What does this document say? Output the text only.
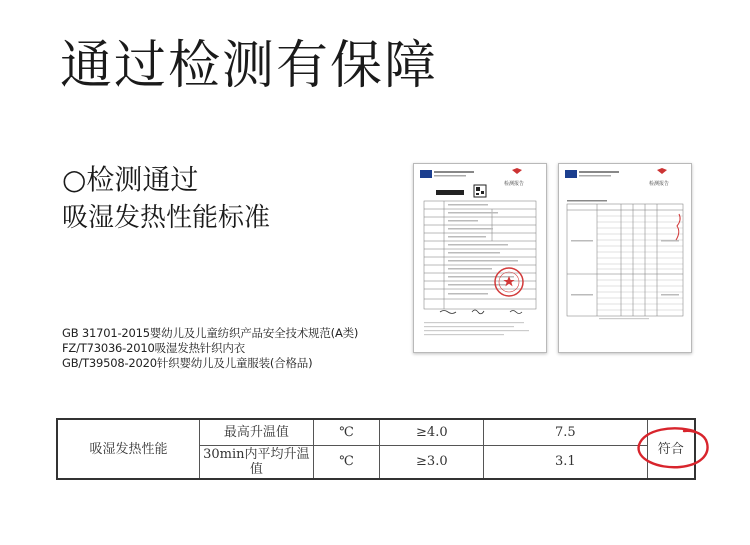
通过检测有保障
○检测通过
吸湿发热性能标准
GB 31701-2015婴幼儿及儿童纺织产品安全技术规范(A类)
FZ/T73036-2010吸湿发热针织内衣
GB/T39508-2020针织婴幼儿及儿童服装(合格品)
检测报告	检测报告
吸湿发热性能	最高升温值	℃	≥4.0	7.5	符合
	30min内平均升温值	℃	≥3.0	3.1	
